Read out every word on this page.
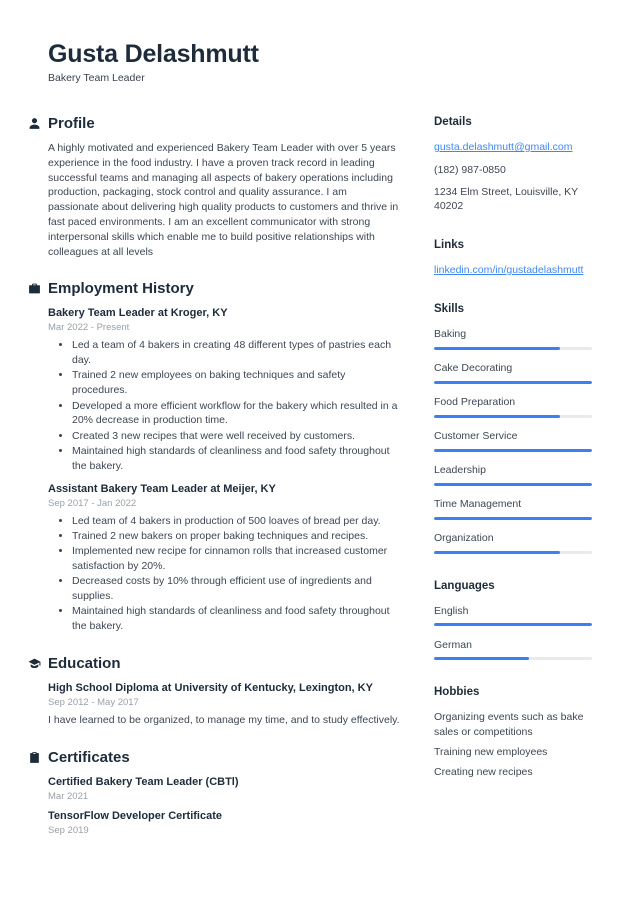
Gusta Delashmutt
Bakery Team Leader
Profile

A highly motivated and experienced Bakery Team Leader with over 5 years experience in the food industry. I have a proven track record in leading successful teams and managing all aspects of bakery operations including production, packaging, stock control and quality assurance. I am passionate about delivering high quality products to customers and thrive in fast paced environments. I am an excellent communicator with strong interpersonal skills which enable me to build positive relationships with colleagues at all levels

Employment History
Bakery Team Leader at Kroger, KY
Mar 2022 - Present
• Led a team of 4 bakers in creating 48 different types of pastries each day.
• Trained 2 new employees on baking techniques and safety procedures.
• Developed a more efficient workflow for the bakery which resulted in a 20% decrease in production time.
• Created 3 new recipes that were well received by customers.
• Maintained high standards of cleanliness and food safety throughout the bakery.
Assistant Bakery Team Leader at Meijer, KY
Sep 2017 - Jan 2022
• Led team of 4 bakers in production of 500 loaves of bread per day.
• Trained 2 new bakers on proper baking techniques and recipes.
• Implemented new recipe for cinnamon rolls that increased customer satisfaction by 20%.
• Decreased costs by 10% through efficient use of ingredients and supplies.
• Maintained high standards of cleanliness and food safety throughout the bakery.
Education
High School Diploma at University of Kentucky, Lexington, KY
Sep 2012 - May 2017

I have learned to be organized, to manage my time, and to study effectively.

Certificates
Certified Bakery Team Leader (CBTl)
Mar 2021
TensorFlow Developer Certificate
Sep 2019
Details
gusta.delashmutt@gmail.com
(182) 987-0850
1234 Elm Street, Louisville, KY 40202
Links
linkedin.com/in/gustadelashmutt
Skills
Baking
Cake Decorating
Food Preparation
Customer Service
Leadership
Time Management
Organization
Languages
English
German
Hobbies
Organizing events such as bake sales or competitions
Training new employees
Creating new recipes
